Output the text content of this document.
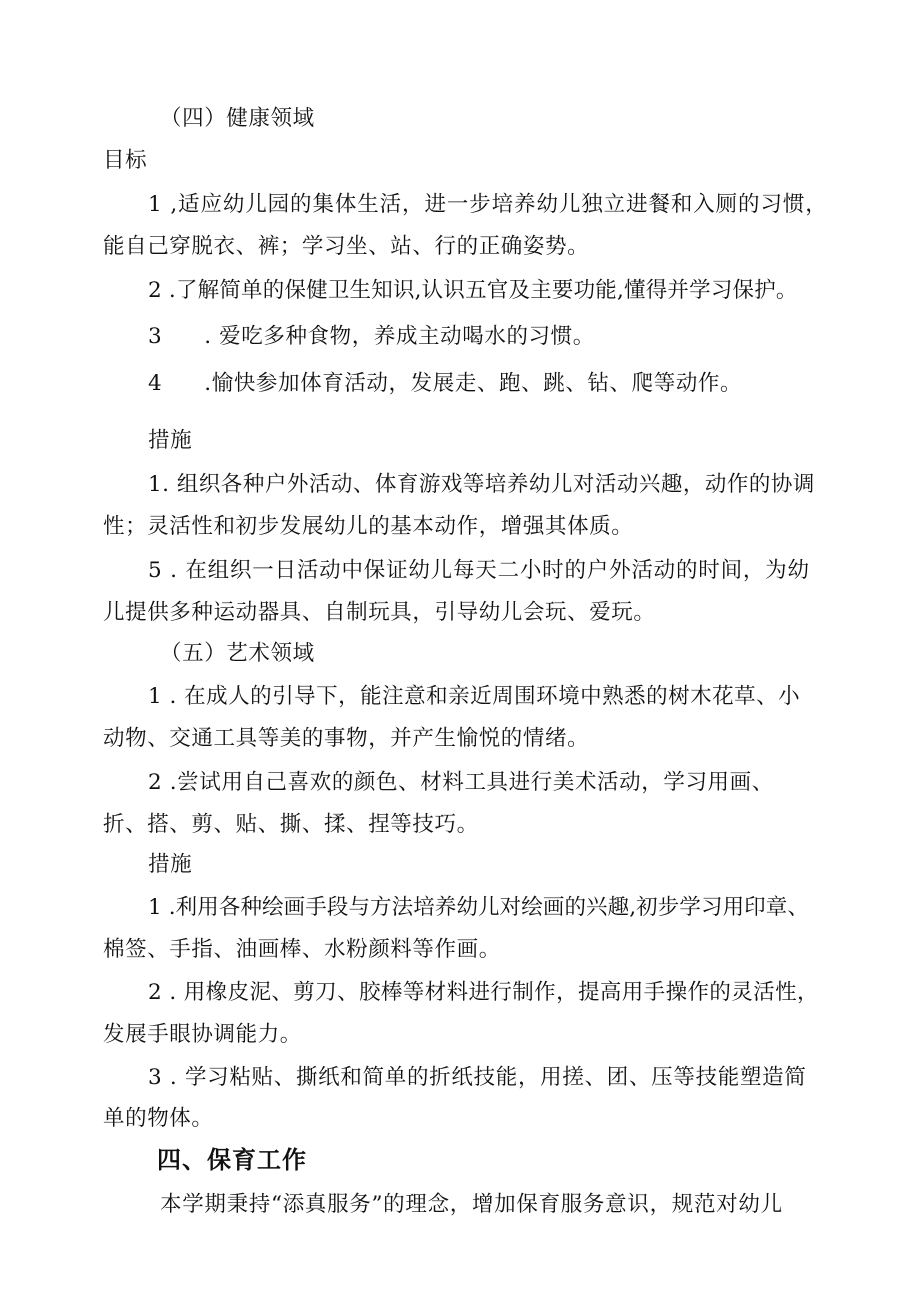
（四）健康领域
目标
1 ,适应幼儿园的集体生活，进一步培养幼儿独立进餐和入厕的习惯，
能自己穿脱衣、裤；学习坐、站、行的正确姿势。
2 .了解简单的保健卫生知识,认识五官及主要功能,懂得并学习保护。
3 . 爱吃多种食物，养成主动喝水的习惯。
4 .愉快参加体育活动，发展走、跑、跳、钻、爬等动作。
措施
1. 组织各种户外活动、体育游戏等培养幼儿对活动兴趣，动作的协调
性；灵活性和初步发展幼儿的基本动作，增强其体质。
5 . 在组织一日活动中保证幼儿每天二小时的户外活动的时间，为幼
儿提供多种运动器具、自制玩具，引导幼儿会玩、爱玩。
（五）艺术领域
1 . 在成人的引导下，能注意和亲近周围环境中熟悉的树木花草、小
动物、交通工具等美的事物，并产生愉悦的情绪。
2 .尝试用自己喜欢的颜色、材料工具进行美术活动，学习用画、
折、搭、剪、贴、撕、揉、捏等技巧。
措施
1 .利用各种绘画手段与方法培养幼儿对绘画的兴趣,初步学习用印章、
棉签、手指、油画棒、水粉颜料等作画。
2 . 用橡皮泥、剪刀、胶棒等材料进行制作，提高用手操作的灵活性，
发展手眼协调能力。
3 . 学习粘贴、撕纸和简单的折纸技能，用搓、团、压等技能塑造简
单的物体。
四、保育工作
本学期秉持“添真服务”的理念，增加保育服务意识，规范对幼儿
